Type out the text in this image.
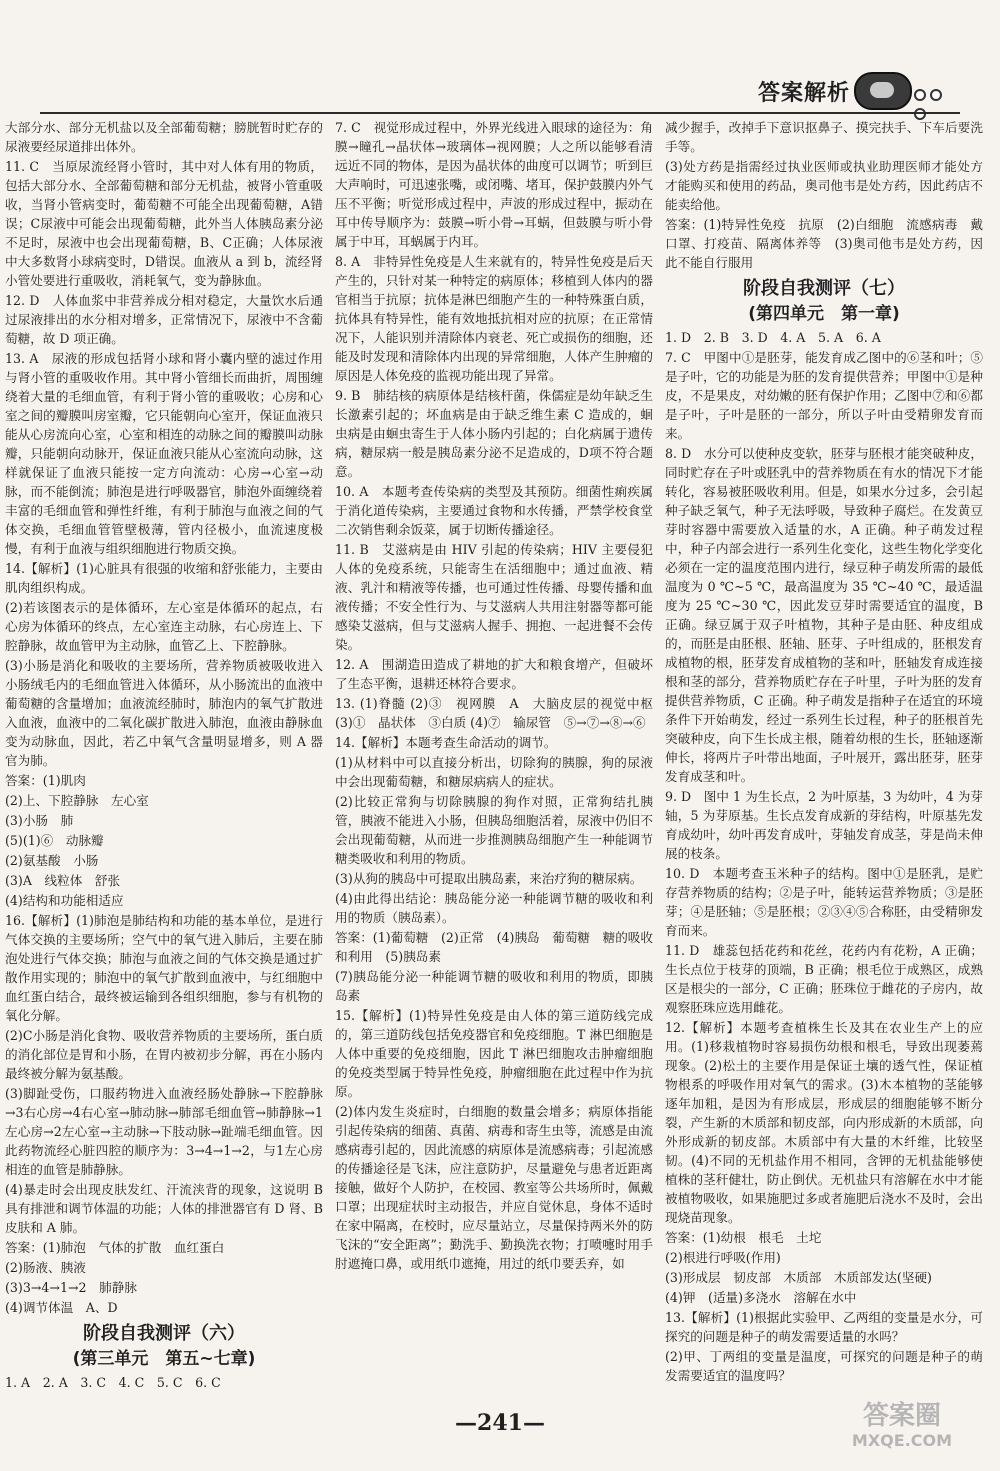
答案解析

大部分水、部分无机盐以及全部葡萄糖；膀胱暂时贮存的尿液要经尿道排出体外。

11. C　当原尿流经肾小管时，其中对人体有用的物质，包括大部分水、全部葡萄糖和部分无机盐，被肾小管重吸收，当肾小管病变时，葡萄糖不可能全出现葡萄糖，A错误；C尿液中可能会出现葡萄糖，此外当人体胰岛素分泌不足时，尿液中也会出现葡萄糖，B、C正确；人体尿液中大多数肾小球病变时，D错误。血液从 a 到 b，流经肾小管处要进行重吸收，消耗氧气，变为静脉血。

12. D　人体血浆中非营养成分相对稳定，大量饮水后通过尿液排出的水分相对增多，正常情况下，尿液中不含葡萄糖，故 D 项正确。

13. A　尿液的形成包括肾小球和肾小囊内壁的滤过作用与肾小管的重吸收作用。其中肾小管细长而曲折，周围缠绕着大量的毛细血管，有利于肾小管的重吸收；心房和心室之间的瓣膜叫房室瓣，它只能朝向心室开，保证血液只能从心房流向心室，心室和相连的动脉之间的瓣膜叫动脉瓣，只能朝向动脉开，保证血液只能从心室流向动脉，这样就保证了血液只能按一定方向流动：心房→心室→动脉，而不能倒流；肺泡是进行呼吸器官，肺泡外面缠绕着丰富的毛细血管和弹性纤维，有利于肺泡与血液之间的气体交换，毛细血管管壁极薄，管内径极小，血流速度极慢，有利于血液与组织细胞进行物质交换。

14.【解析】(1)心脏具有很强的收缩和舒张能力，主要由肌肉组织构成。

(2)若该图表示的是体循环，左心室是体循环的起点，右心房为体循环的终点，左心室连主动脉，右心房连上、下腔静脉，故血管甲为主动脉，血管乙上、下腔静脉。

(3)小肠是消化和吸收的主要场所，营养物质被吸收进入小肠绒毛内的毛细血管进入体循环，从小肠流出的血液中葡萄糖的含量增加；血液流经肺时，肺泡内的氧气扩散进入血液，血液中的二氧化碳扩散进入肺泡，血液由静脉血变为动脉血，因此，若乙中氧气含量明显增多，则 A 器官为肺。

答案：(1)肌肉

(2)上、下腔静脉　左心室

(3)小肠　肺

(5)(1)⑥　动脉瓣

(2)氨基酸　小肠

(3)A　线粒体　舒张

(4)结构和功能相适应

16.【解析】(1)肺泡是肺结构和功能的基本单位，是进行气体交换的主要场所；空气中的氧气进入肺后，主要在肺泡处进行气体交换；肺泡与血液之间的气体交换是通过扩散作用实现的；肺泡中的氧气扩散到血液中，与红细胞中血红蛋白结合，最终被运输到各组织细胞，参与有机物的氧化分解。

(2)C小肠是消化食物、吸收营养物质的主要场所，蛋白质的消化部位是胃和小肠，在胃内被初步分解，再在小肠内最终被分解为氨基酸。

(3)脚趾受伤，口服药物进入血液经肠处静脉→下腔静脉→3右心房→4右心室→肺动脉→肺部毛细血管→肺静脉→1左心房→2左心室→主动脉→下肢动脉→趾端毛细血管。因此药物流经心脏四腔的顺序为：3→4→1→2，与1左心房相连的血管是肺静脉。

(4)暴走时会出现皮肤发红、汗流浃背的现象，这说明 B 具有排泄和调节体温的功能；人体的排泄器官有 D 肾、B 皮肤和 A 肺。

答案：(1)肺泡　气体的扩散　血红蛋白

(2)肠液、胰液

(3)3→4→1→2　肺静脉

(4)调节体温　A、D

阶段自我测评（六）
(第三单元　第五~七章)

1. A　2. A　3. C　4. C　5. C　6. C

7. C　视觉形成过程中，外界光线进入眼球的途径为：角膜→瞳孔→晶状体→玻璃体→视网膜；人之所以能够看清远近不同的物体，是因为晶状体的曲度可以调节；听到巨大声响时，可迅速张嘴，或闭嘴、堵耳，保护鼓膜内外气压不平衡；听觉形成过程中，声波的形成过程中，振动在耳中传导顺序为：鼓膜→听小骨→耳蜗，但鼓膜与听小骨属于中耳，耳蜗属于内耳。

8. A　非特异性免疫是人生来就有的，特异性免疫是后天产生的，只针对某一种特定的病原体；移植到人体内的器官相当于抗原；抗体是淋巴细胞产生的一种特殊蛋白质，抗体具有特异性，能有效地抵抗相对应的抗原；在正常情况下，人能识别并清除体内衰老、死亡或损伤的细胞，还能及时发现和清除体内出现的异常细胞，人体产生肿瘤的原因是人体免疫的监视功能出现了异常。

9. B　肺结核的病原体是结核杆菌，侏儒症是幼年缺乏生长激素引起的；坏血病是由于缺乏维生素 C 造成的，蛔虫病是由蛔虫寄生于人体小肠内引起的；白化病属于遗传病，糖尿病一般是胰岛素分泌不足造成的，D项不符合题意。

10. A　本题考查传染病的类型及其预防。细菌性痢疾属于消化道传染病，主要通过食物和水传播，严禁学校食堂二次销售剩余饭菜，属于切断传播途径。

11. B　艾滋病是由 HIV 引起的传染病；HIV 主要侵犯人体的免疫系统，只能寄生在活细胞中；通过血液、精液、乳汁和精液等传播，也可通过性传播、母婴传播和血液传播；不安全性行为、与艾滋病人共用注射器等都可能感染艾滋病，但与艾滋病人握手、拥抱、一起进餐不会传染。

12. A　围湖造田造成了耕地的扩大和粮食增产，但破坏了生态平衡，退耕还林符合要求。

13. (1)脊髓 (2)③　视网膜　A　大脑皮层的视觉中枢 (3)①　晶状体　③白质 (4)⑦　输尿管　⑤→⑦→⑧→⑥

14.【解析】本题考查生命活动的调节。

(1)从材料中可以直接分析出，切除狗的胰腺，狗的尿液中会出现葡萄糖，和糖尿病病人的症状。

(2)比较正常狗与切除胰腺的狗作对照，正常狗结扎胰管，胰液不能进入小肠，但胰岛细胞活着，尿液中仍旧不会出现葡萄糖，从而进一步推测胰岛细胞产生一种能调节糖类吸收和利用的物质。

(3)从狗的胰岛中可提取出胰岛素，来治疗狗的糖尿病。

(4)由此得出结论：胰岛能分泌一种能调节糖的吸收和利用的物质（胰岛素）。

答案：(1)葡萄糖　(2)正常　(4)胰岛　葡萄糖　糖的吸收和利用　(5)胰岛素

(7)胰岛能分泌一种能调节糖的吸收和利用的物质，即胰岛素

15.【解析】(1)特异性免疫是由人体的第三道防线完成的，第三道防线包括免疫器官和免疫细胞。T 淋巴细胞是人体中重要的免疫细胞，因此 T 淋巴细胞攻击肿瘤细胞的免疫类型属于特异性免疫，肿瘤细胞在此过程中作为抗原。

(2)体内发生炎症时，白细胞的数量会增多；病原体指能引起传染病的细菌、真菌、病毒和寄生虫等，流感是由流感病毒引起的，因此流感的病原体是流感病毒；引起流感的传播途径是飞沫，应注意防护，尽量避免与患者近距离接触，做好个人防护，在校园、教室等公共场所时，佩戴口罩；出现症状时主动报告，并应自觉休息，身体不适时在家中隔离，在校时，应尽量站立，尽量保持两米外的防飞沫的“安全距离”；勤洗手、勤换洗衣物；打喷嚏时用手肘遮掩口鼻，或用纸巾遮掩，用过的纸巾要丢弃，如

减少握手，改掉手下意识抠鼻子、摸完扶手、下车后要洗手等。

(3)处方药是指需经过执业医师或执业助理医师才能处方才能购买和使用的药品，奥司他韦是处方药，因此药店不能卖给他。

答案：(1)特异性免疫　抗原　(2)白细胞　流感病毒　戴口罩、打疫苗、隔离体养等　(3)奥司他韦是处方药，因此不能自行服用

阶段自我测评（七）
(第四单元　第一章)

1. D　2. B　3. D　4. A　5. A　6. A

7. C　甲图中①是胚芽，能发育成乙图中的⑥茎和叶；⑤是子叶，它的功能是为胚的发育提供营养；甲图中①是种皮，不是果皮，对幼嫩的胚有保护作用；乙图中⑦和⑥都是子叶，子叶是胚的一部分，所以子叶由受精卵发育而来。

8. D　水分可以使种皮变软，胚芽与胚根才能突破种皮，同时贮存在子叶或胚乳中的营养物质在有水的情况下才能转化，容易被胚吸收利用。但是，如果水分过多，会引起种子缺乏氧气，种子无法呼吸，导致种子腐烂。在发黄豆芽时容器中需要放入适量的水，A 正确。种子萌发过程中，种子内部会进行一系列生化变化，这些生物化学变化必须在一定的温度范围内进行，绿豆种子萌发所需的最低温度为 0 ℃~5 ℃，最高温度为 35 ℃~40 ℃，最适温度为 25 ℃~30 ℃，因此发豆芽时需要适宜的温度，B 正确。绿豆属于双子叶植物，其种子是由胚、种皮组成的，而胚是由胚根、胚轴、胚芽、子叶组成的，胚根发育成植物的根，胚芽发育成植物的茎和叶，胚轴发育成连接根和茎的部分，营养物质贮存在子叶里，子叶为胚的发育提供营养物质，C 正确。种子萌发是指种子在适宜的环境条件下开始萌发，经过一系列生长过程，种子的胚根首先突破种皮，向下生长成主根，随着幼根的生长，胚轴逐渐伸长，将两片子叶带出地面，子叶展开，露出胚芽，胚芽发育成茎和叶。

9. D　图中 1 为生长点，2 为叶原基，3 为幼叶，4 为芽轴，5 为芽原基。生长点发育成新的芽结构，叶原基先发育成幼叶，幼叶再发育成叶，芽轴发育成茎，芽是尚未伸展的枝条。

10. D　本题考查玉米种子的结构。图中①是胚乳，是贮存营养物质的结构；②是子叶，能转运营养物质；③是胚芽；④是胚轴；⑤是胚根；②③④⑤合称胚，由受精卵发育而来。

11. D　雄蕊包括花药和花丝，花药内有花粉，A 正确；生长点位于枝芽的顶端，B 正确；根毛位于成熟区，成熟区是根尖的一部分，C 正确；胚珠位于雌花的子房内，故观察胚珠应选用雌花。

12.【解析】本题考查植株生长及其在农业生产上的应用。(1)移栽植物时容易损伤幼根和根毛，导致出现萎蔫现象。(2)松土的主要作用是保证土壤的透气性，保证植物根系的呼吸作用对氧气的需求。(3)木本植物的茎能够逐年加粗，是因为有形成层，形成层的细胞能够不断分裂，产生新的木质部和韧皮部，向内形成新的木质部，向外形成新的韧皮部。木质部中有大量的木纤维，比较坚韧。(4)不同的无机盐作用不相同，含钾的无机盐能够使植株的茎秆健壮，防止倒伏。无机盐只有溶解在水中才能被植物吸收，如果施肥过多或者施肥后浇水不及时，会出现烧苗现象。

答案：(1)幼根　根毛　土坨

(2)根进行呼吸(作用)

(3)形成层　韧皮部　木质部　木质部发达(坚硬)

(4)钾　(适量)多浇水　溶解在水中

13.【解析】(1)根据此实验甲、乙两组的变量是水分，可探究的问题是种子的萌发需要适量的水吗？

(2)甲、丁两组的变量是温度，可探究的问题是种子的萌发需要适宜的温度吗？

—241—	答案圈
MXQE.COM
